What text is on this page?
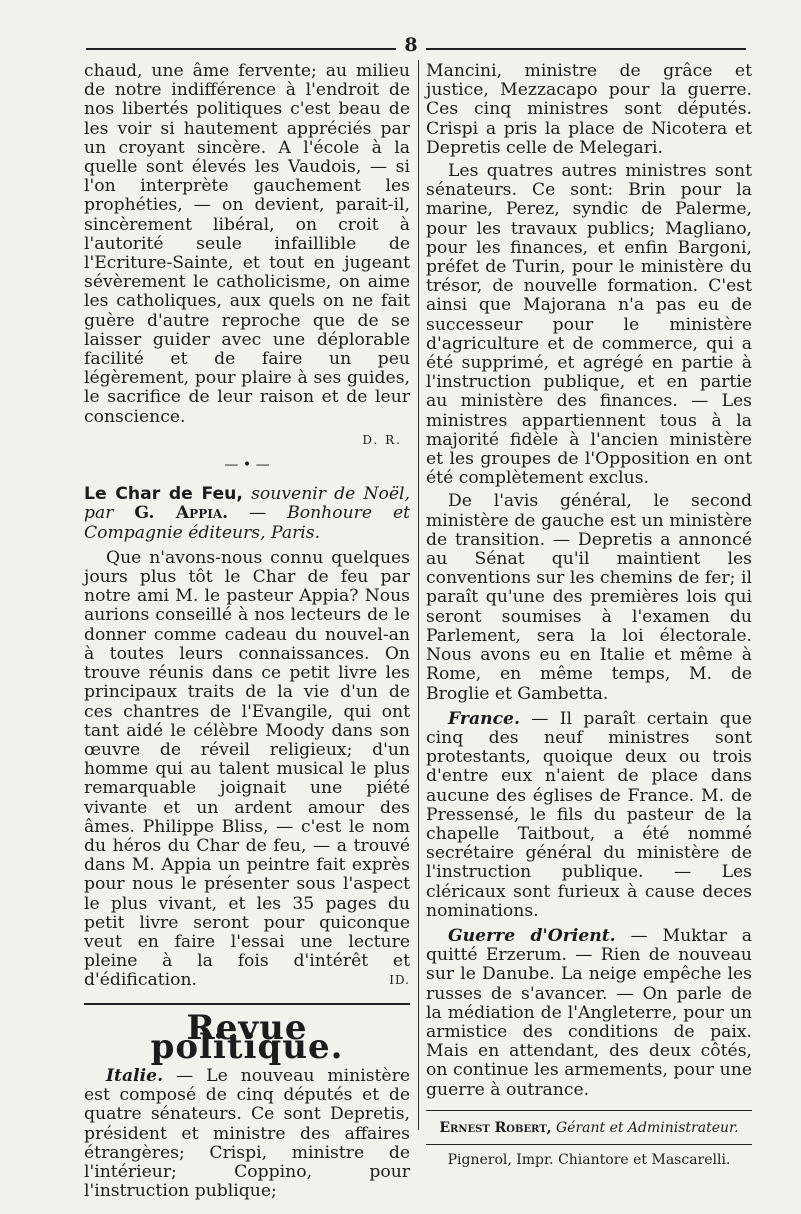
8

chaud, une âme fervente; au milieu de notre indifférence à l'endroit de nos libertés politiques c'est beau de les voir si hautement appréciés par un croyant sincère. A l'école à la quelle sont élevés les Vaudois, — si l'on interprète gauchement les prophéties, — on devient, parait-il, sincèrement libéral, on croit à l'autorité seule infaillible de l'Ecriture-Sainte, et tout en jugeant sévèrement le catholicisme, on aime les catholiques, aux quels on ne fait guère d'autre reproche que de se laisser guider avec une déplorable facilité et de faire un peu légèrement, pour plaire à ses guides, le sacrifice de leur raison et de leur conscience.

D. R.
— • —

Le Char de Feu, souvenir de Noël, par G. Appia. — Bonhoure et Compagnie éditeurs, Paris.

Que n'avons-nous connu quelques jours plus tôt le Char de feu par notre ami M. le pasteur Appia? Nous aurions conseillé à nos lecteurs de le donner comme cadeau du nouvel-an à toutes leurs connaissances. On trouve réunis dans ce petit livre les principaux traits de la vie d'un de ces chantres de l'Evangile, qui ont tant aidé le célèbre Moody dans son œuvre de réveil religieux; d'un homme qui au talent musical le plus remarquable joignait une piété vivante et un ardent amour des âmes. Philippe Bliss, — c'est le nom du héros du Char de feu, — a trouvé dans M. Appia un peintre fait exprès pour nous le présenter sous l'aspect le plus vivant, et les 35 pages du petit livre seront pour quiconque veut en faire l'essai une lecture pleine à la fois d'intérêt et d'édification.	ID.

Revue politique.

Italie. — Le nouveau ministère est composé de cinq députés et de quatre sénateurs. Ce sont Depretis, président et ministre des affaires étrangères; Crispi, ministre de l'intérieur; Coppino, pour l'instruction publique;

Mancini, ministre de grâce et justice, Mezzacapo pour la guerre. Ces cinq ministres sont députés. Crispi a pris la place de Nicotera et Depretis celle de Melegari.

Les quatres autres ministres sont sénateurs. Ce sont: Brin pour la marine, Perez, syndic de Palerme, pour les travaux publics; Magliano, pour les finances, et enfin Bargoni, préfet de Turin, pour le ministère du trésor, de nouvelle formation. C'est ainsi que Majorana n'a pas eu de successeur pour le ministère d'agriculture et de commerce, qui a été supprimé, et agrégé en partie à l'instruction publique, et en partie au ministère des finances. — Les ministres appartiennent tous à la majorité fidèle à l'ancien ministère et les groupes de l'Opposition en ont été complètement exclus.

De l'avis général, le second ministère de gauche est un ministère de transition. — Depretis a annoncé au Sénat qu'il maintient les conventions sur les chemins de fer; il paraît qu'une des premières lois qui seront soumises à l'examen du Parlement, sera la loi électorale. Nous avons eu en Italie et même à Rome, en même temps, M. de Broglie et Gambetta.

France. — Il paraît certain que cinq des neuf ministres sont protestants, quoique deux ou trois d'entre eux n'aient de place dans aucune des églises de France. M. de Pressensé, le fils du pasteur de la chapelle Taitbout, a été nommé secrétaire général du ministère de l'instruction publique. — Les cléricaux sont furieux à cause deces nominations.

Guerre d'Orient. — Muktar a quitté Erzerum. — Rien de nouveau sur le Danube. La neige empêche les russes de s'avancer. — On parle de la médiation de l'Angleterre, pour un armistice des conditions de paix. Mais en attendant, des deux côtés, on continue les armements, pour une guerre à outrance.

Ernest Robert, Gérant et Administrateur.
Pignerol, Impr. Chiantore et Mascarelli.
